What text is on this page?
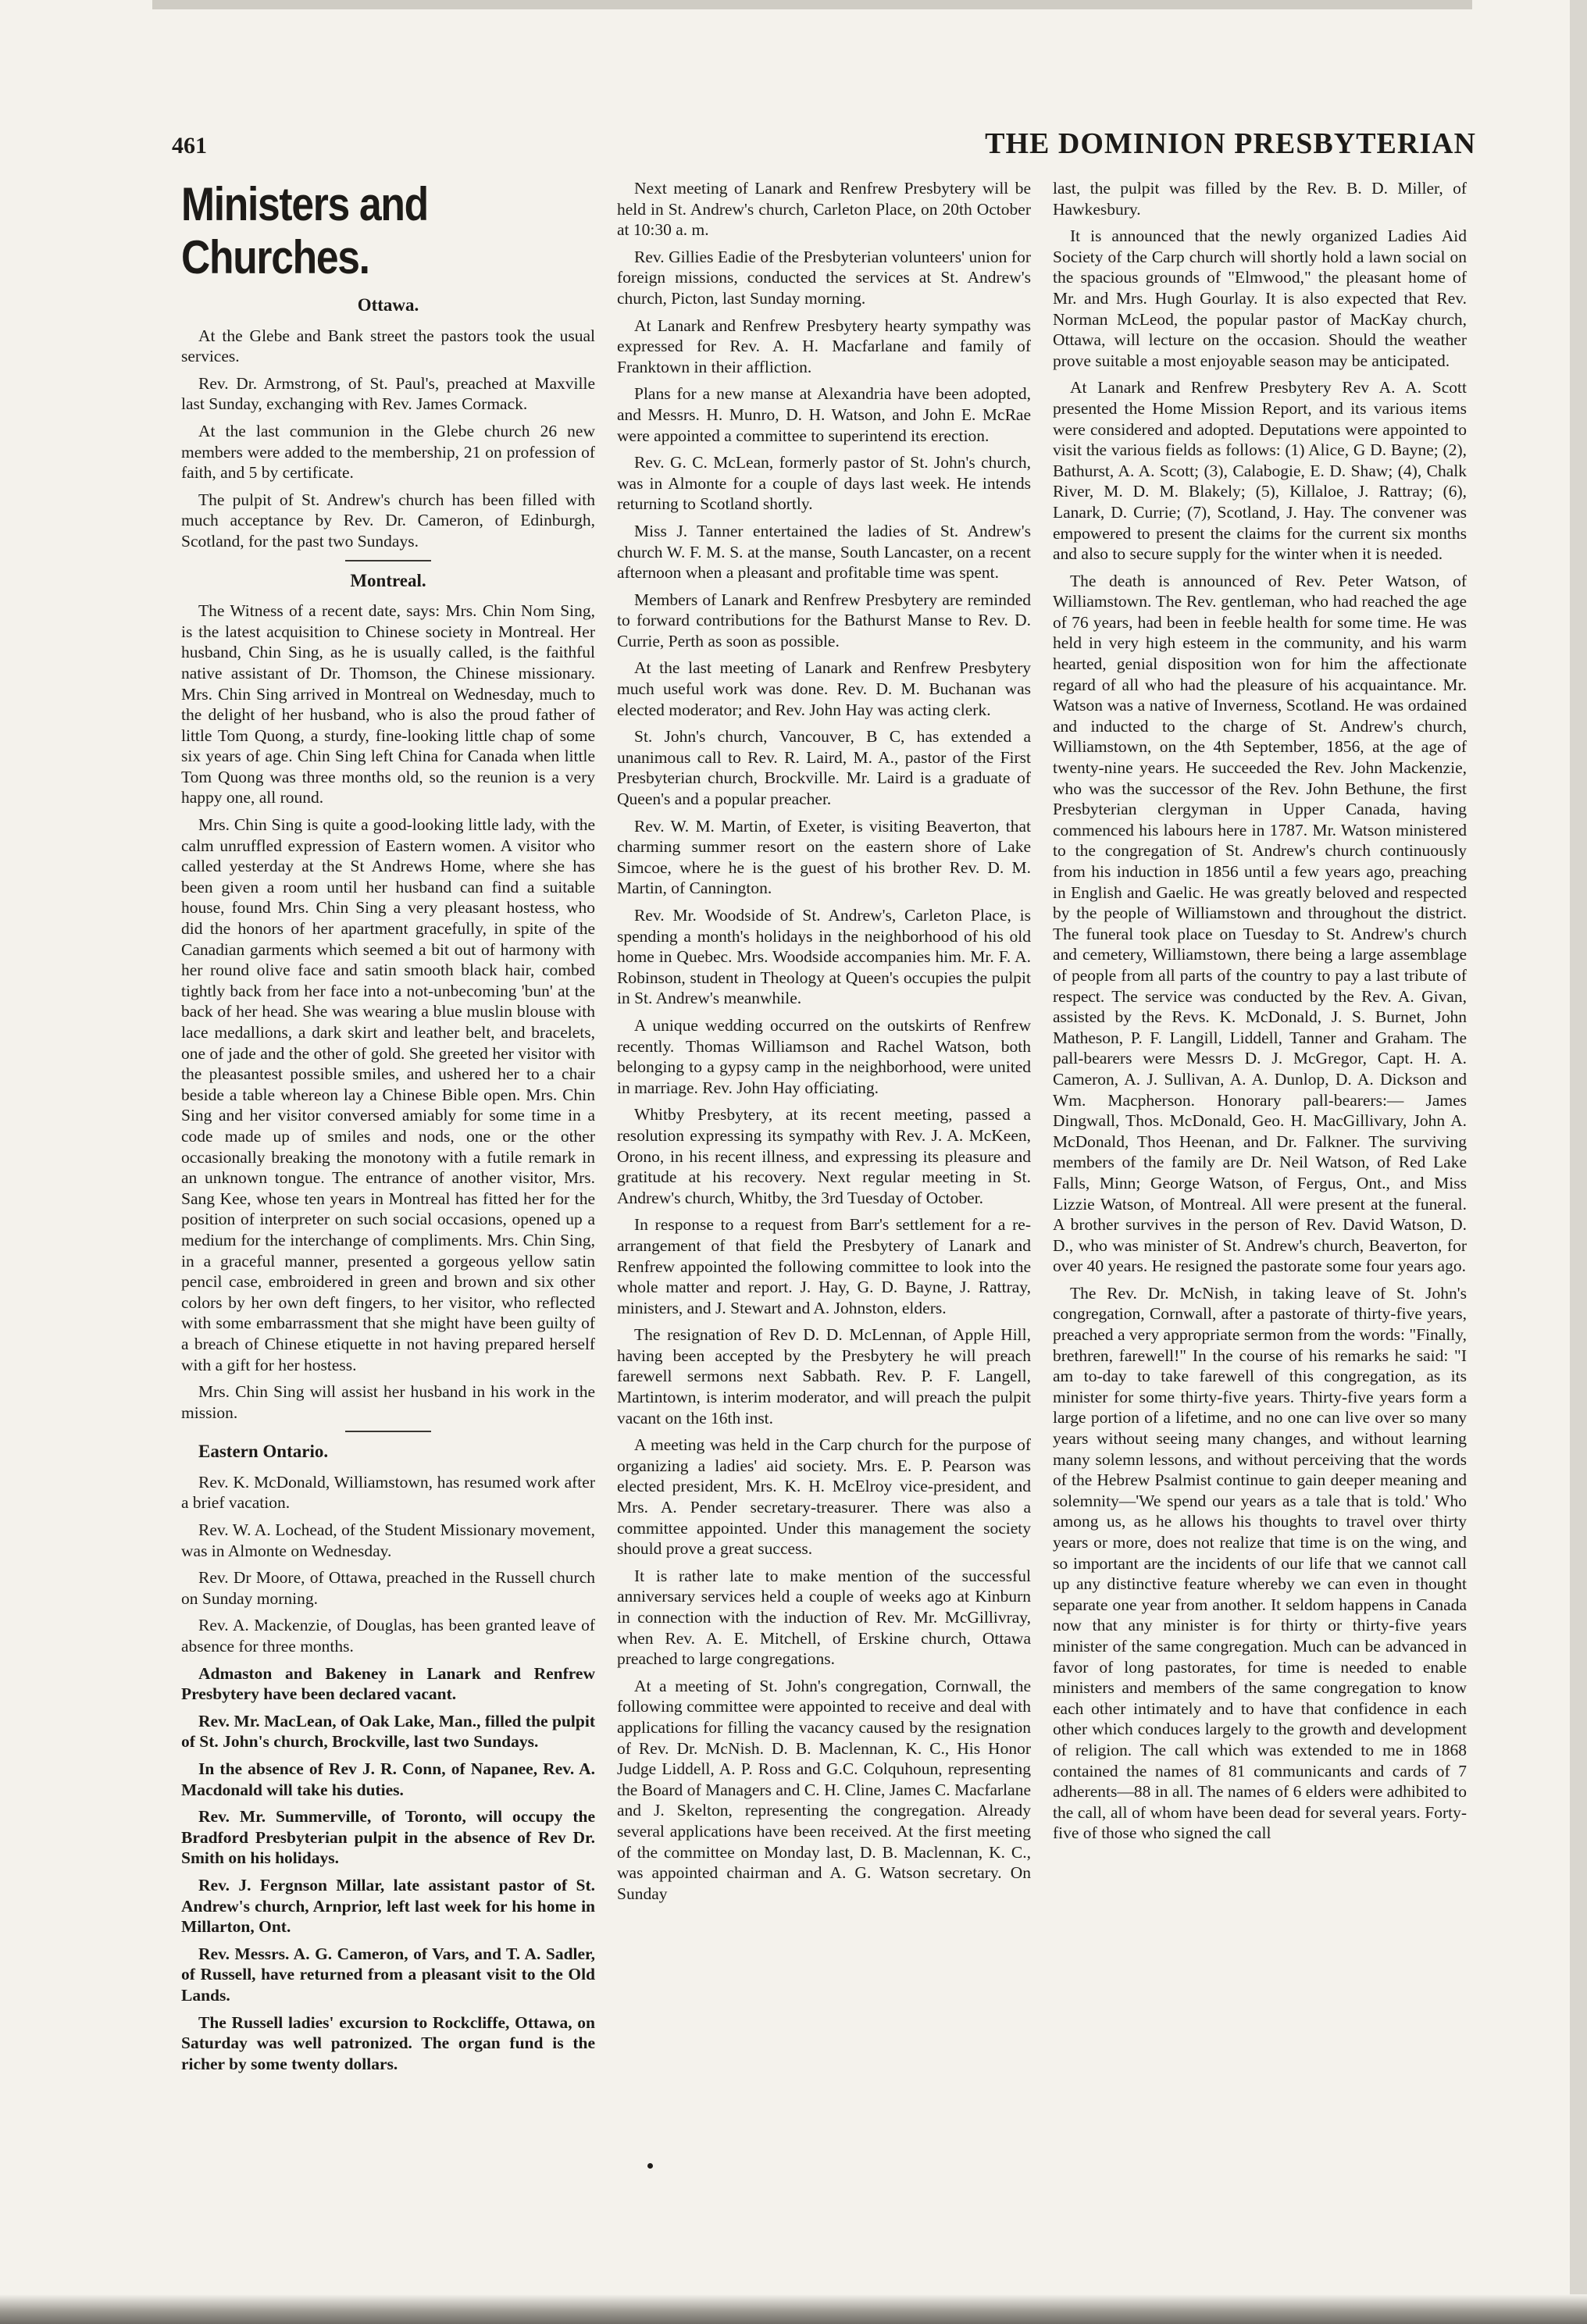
461	THE DOMINION PRESBYTERIAN
Ministers and Churches.
Ottawa.

At the Glebe and Bank street the pastors took the usual services.

Rev. Dr. Armstrong, of St. Paul's, preached at Maxville last Sunday, exchanging with Rev. James Cormack.

At the last communion in the Glebe church 26 new members were added to the membership, 21 on profession of faith, and 5 by certificate.

The pulpit of St. Andrew's church has been filled with much acceptance by Rev. Dr. Cameron, of Edinburgh, Scotland, for the past two Sundays.

Montreal.

The Witness of a recent date, says: Mrs. Chin Nom Sing, is the latest acquisition to Chinese society in Montreal. Her husband, Chin Sing, as he is usually called, is the faithful native assistant of Dr. Thomson, the Chinese missionary. Mrs. Chin Sing arrived in Montreal on Wednesday, much to the delight of her husband, who is also the proud father of little Tom Quong, a sturdy, fine-looking little chap of some six years of age. Chin Sing left China for Canada when little Tom Quong was three months old, so the reunion is a very happy one, all round.

Mrs. Chin Sing is quite a good-looking little lady, with the calm unruffled expression of Eastern women. A visitor who called yesterday at the St Andrews Home, where she has been given a room until her husband can find a suitable house, found Mrs. Chin Sing a very pleasant hostess, who did the honors of her apartment gracefully, in spite of the Canadian garments which seemed a bit out of harmony with her round olive face and satin smooth black hair, combed tightly back from her face into a not-unbecoming 'bun' at the back of her head. She was wearing a blue muslin blouse with lace medallions, a dark skirt and leather belt, and bracelets, one of jade and the other of gold. She greeted her visitor with the pleasantest possible smiles, and ushered her to a chair beside a table whereon lay a Chinese Bible open. Mrs. Chin Sing and her visitor conversed amiably for some time in a code made up of smiles and nods, one or the other occasionally breaking the monotony with a futile remark in an unknown tongue. The entrance of another visitor, Mrs. Sang Kee, whose ten years in Montreal has fitted her for the position of interpreter on such social occasions, opened up a medium for the interchange of compliments. Mrs. Chin Sing, in a graceful manner, presented a gorgeous yellow satin pencil case, embroidered in green and brown and six other colors by her own deft fingers, to her visitor, who reflected with some embarrassment that she might have been guilty of a breach of Chinese etiquette in not having prepared herself with a gift for her hostess.

Mrs. Chin Sing will assist her husband in his work in the mission.

Eastern Ontario.

Rev. K. McDonald, Williamstown, has resumed work after a brief vacation.

Rev. W. A. Lochead, of the Student Missionary movement, was in Almonte on Wednesday.

Rev. Dr Moore, of Ottawa, preached in the Russell church on Sunday morning.

Rev. A. Mackenzie, of Douglas, has been granted leave of absence for three months.

Admaston and Bakeney in Lanark and Renfrew Presbytery have been declared vacant.

Rev. Mr. MacLean, of Oak Lake, Man., filled the pulpit of St. John's church, Brockville, last two Sundays.

In the absence of Rev J. R. Conn, of Napanee, Rev. A. Macdonald will take his duties.

Rev. Mr. Summerville, of Toronto, will occupy the Bradford Presbyterian pulpit in the absence of Rev Dr. Smith on his holidays.

Rev. J. Fergnson Millar, late assistant pastor of St. Andrew's church, Arnprior, left last week for his home in Millarton, Ont.

Rev. Messrs. A. G. Cameron, of Vars, and T. A. Sadler, of Russell, have returned from a pleasant visit to the Old Lands.

The Russell ladies' excursion to Rockcliffe, Ottawa, on Saturday was well patronized. The organ fund is the richer by some twenty dollars.

Next meeting of Lanark and Renfrew Presbytery will be held in St. Andrew's church, Carleton Place, on 20th October at 10:30 a. m.

Rev. Gillies Eadie of the Presbyterian volunteers' union for foreign missions, conducted the services at St. Andrew's church, Picton, last Sunday morning.

At Lanark and Renfrew Presbytery hearty sympathy was expressed for Rev. A. H. Macfarlane and family of Franktown in their affliction.

Plans for a new manse at Alexandria have been adopted, and Messrs. H. Munro, D. H. Watson, and John E. McRae were appointed a committee to superintend its erection.

Rev. G. C. McLean, formerly pastor of St. John's church, was in Almonte for a couple of days last week. He intends returning to Scotland shortly.

Miss J. Tanner entertained the ladies of St. Andrew's church W. F. M. S. at the manse, South Lancaster, on a recent afternoon when a pleasant and profitable time was spent.

Members of Lanark and Renfrew Presbytery are reminded to forward contributions for the Bathurst Manse to Rev. D. Currie, Perth as soon as possible.

At the last meeting of Lanark and Renfrew Presbytery much useful work was done. Rev. D. M. Buchanan was elected moderator; and Rev. John Hay was acting clerk.

St. John's church, Vancouver, B C, has extended a unanimous call to Rev. R. Laird, M. A., pastor of the First Presbyterian church, Brockville. Mr. Laird is a graduate of Queen's and a popular preacher.

Rev. W. M. Martin, of Exeter, is visiting Beaverton, that charming summer resort on the eastern shore of Lake Simcoe, where he is the guest of his brother Rev. D. M. Martin, of Cannington.

Rev. Mr. Woodside of St. Andrew's, Carleton Place, is spending a month's holidays in the neighborhood of his old home in Quebec. Mrs. Woodside accompanies him. Mr. F. A. Robinson, student in Theology at Queen's occupies the pulpit in St. Andrew's meanwhile.

A unique wedding occurred on the outskirts of Renfrew recently. Thomas Williamson and Rachel Watson, both belonging to a gypsy camp in the neighborhood, were united in marriage. Rev. John Hay officiating.

Whitby Presbytery, at its recent meeting, passed a resolution expressing its sympathy with Rev. J. A. McKeen, Orono, in his recent illness, and expressing its pleasure and gratitude at his recovery. Next regular meeting in St. Andrew's church, Whitby, the 3rd Tuesday of October.

In response to a request from Barr's settlement for a re-arrangement of that field the Presbytery of Lanark and Renfrew appointed the following committee to look into the whole matter and report. J. Hay, G. D. Bayne, J. Rattray, ministers, and J. Stewart and A. Johnston, elders.

The resignation of Rev D. D. McLennan, of Apple Hill, having been accepted by the Presbytery he will preach farewell sermons next Sabbath. Rev. P. F. Langell, Martintown, is interim moderator, and will preach the pulpit vacant on the 16th inst.

A meeting was held in the Carp church for the purpose of organizing a ladies' aid society. Mrs. E. P. Pearson was elected president, Mrs. K. H. McElroy vice-president, and Mrs. A. Pender secretary-treasurer. There was also a committee appointed. Under this management the society should prove a great success.

It is rather late to make mention of the successful anniversary services held a couple of weeks ago at Kinburn in connection with the induction of Rev. Mr. McGillivray, when Rev. A. E. Mitchell, of Erskine church, Ottawa preached to large congregations.

At a meeting of St. John's congregation, Cornwall, the following committee were appointed to receive and deal with applications for filling the vacancy caused by the resignation of Rev. Dr. McNish. D. B. Maclennan, K. C., His Honor Judge Liddell, A. P. Ross and G.C. Colquhoun, representing the Board of Managers and C. H. Cline, James C. Macfarlane and J. Skelton, representing the congregation. Already several applications have been received. At the first meeting of the committee on Monday last, D. B. Maclennan, K. C., was appointed chairman and A. G. Watson secretary. On Sunday

last, the pulpit was filled by the Rev. B. D. Miller, of Hawkesbury.

It is announced that the newly organized Ladies Aid Society of the Carp church will shortly hold a lawn social on the spacious grounds of "Elmwood," the pleasant home of Mr. and Mrs. Hugh Gourlay. It is also expected that Rev. Norman McLeod, the popular pastor of MacKay church, Ottawa, will lecture on the occasion. Should the weather prove suitable a most enjoyable season may be anticipated.

At Lanark and Renfrew Presbytery Rev A. A. Scott presented the Home Mission Report, and its various items were considered and adopted. Deputations were appointed to visit the various fields as follows: (1) Alice, G D. Bayne; (2), Bathurst, A. A. Scott; (3), Calabogie, E. D. Shaw; (4), Chalk River, M. D. M. Blakely; (5), Killaloe, J. Rattray; (6), Lanark, D. Currie; (7), Scotland, J. Hay. The convener was empowered to present the claims for the current six months and also to secure supply for the winter when it is needed.

The death is announced of Rev. Peter Watson, of Williamstown. The Rev. gentleman, who had reached the age of 76 years, had been in feeble health for some time. He was held in very high esteem in the community, and his warm hearted, genial disposition won for him the affectionate regard of all who had the pleasure of his acquaintance. Mr. Watson was a native of Inverness, Scotland. He was ordained and inducted to the charge of St. Andrew's church, Williamstown, on the 4th September, 1856, at the age of twenty-nine years. He succeeded the Rev. John Mackenzie, who was the successor of the Rev. John Bethune, the first Presbyterian clergyman in Upper Canada, having commenced his labours here in 1787. Mr. Watson ministered to the congregation of St. Andrew's church continuously from his induction in 1856 until a few years ago, preaching in English and Gaelic. He was greatly beloved and respected by the people of Williamstown and throughout the district. The funeral took place on Tuesday to St. Andrew's church and cemetery, Williamstown, there being a large assemblage of people from all parts of the country to pay a last tribute of respect. The service was conducted by the Rev. A. Givan, assisted by the Revs. K. McDonald, J. S. Burnet, John Matheson, P. F. Langill, Liddell, Tanner and Graham. The pall-bearers were Messrs D. J. McGregor, Capt. H. A. Cameron, A. J. Sullivan, A. A. Dunlop, D. A. Dickson and Wm. Macpherson. Honorary pall-bearers:— James Dingwall, Thos. McDonald, Geo. H. MacGillivary, John A. McDonald, Thos Heenan, and Dr. Falkner. The surviving members of the family are Dr. Neil Watson, of Red Lake Falls, Minn; George Watson, of Fergus, Ont., and Miss Lizzie Watson, of Montreal. All were present at the funeral. A brother survives in the person of Rev. David Watson, D. D., who was minister of St. Andrew's church, Beaverton, for over 40 years. He resigned the pastorate some four years ago.

The Rev. Dr. McNish, in taking leave of St. John's congregation, Cornwall, after a pastorate of thirty-five years, preached a very appropriate sermon from the words: "Finally, brethren, farewell!" In the course of his remarks he said: "I am to-day to take farewell of this congregation, as its minister for some thirty-five years. Thirty-five years form a large portion of a lifetime, and no one can live over so many years without seeing many changes, and without learning many solemn lessons, and without perceiving that the words of the Hebrew Psalmist continue to gain deeper meaning and solemnity—'We spend our years as a tale that is told.' Who among us, as he allows his thoughts to travel over thirty years or more, does not realize that time is on the wing, and so important are the incidents of our life that we cannot call up any distinctive feature whereby we can even in thought separate one year from another. It seldom happens in Canada now that any minister is for thirty or thirty-five years minister of the same congregation. Much can be advanced in favor of long pastorates, for time is needed to enable ministers and members of the same congregation to know each other intimately and to have that confidence in each other which conduces largely to the growth and development of religion. The call which was extended to me in 1868 contained the names of 81 communicants and cards of 7 adherents—88 in all. The names of 6 elders were adhibited to the call, all of whom have been dead for several years. Forty-five of those who signed the call
